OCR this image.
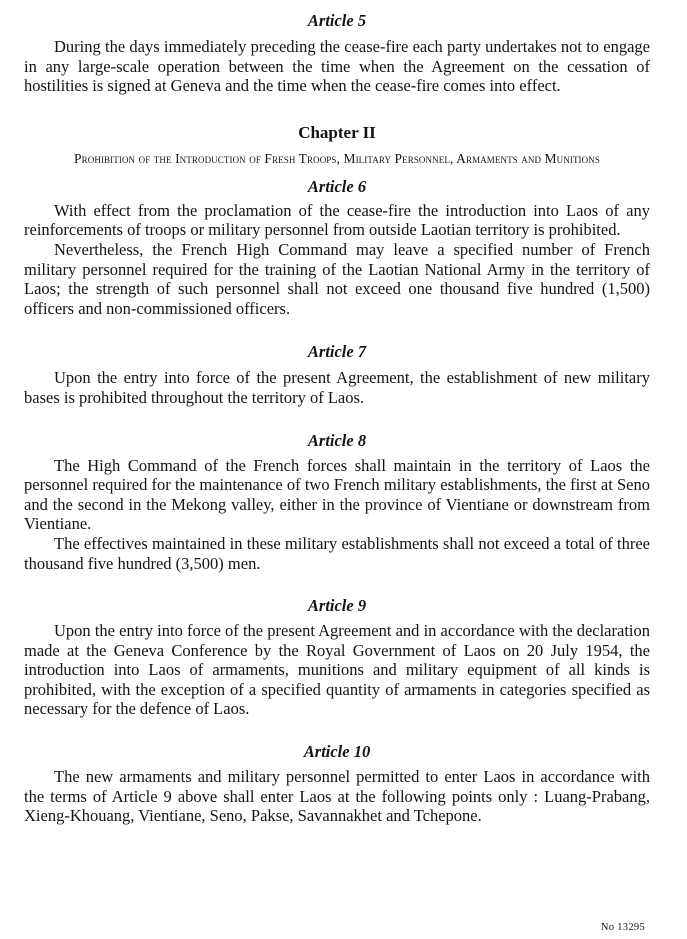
Article 5

During the days immediately preceding the cease-fire each party undertakes not to engage in any large-scale operation between the time when the Agreement on the cessation of hostilities is signed at Geneva and the time when the cease-fire comes into effect.

Chapter II

Prohibition of the Introduction of Fresh Troops, Military Personnel, Armaments and Munitions

Article 6

With effect from the proclamation of the cease-fire the introduction into Laos of any reinforcements of troops or military personnel from outside Laotian territory is prohibited.

Nevertheless, the French High Command may leave a specified number of French military personnel required for the training of the Laotian National Army in the territory of Laos; the strength of such personnel shall not exceed one thousand five hundred (1,500) officers and non-commissioned officers.

Article 7

Upon the entry into force of the present Agreement, the establishment of new military bases is prohibited throughout the territory of Laos.

Article 8

The High Command of the French forces shall maintain in the territory of Laos the personnel required for the maintenance of two French military establishments, the first at Seno and the second in the Mekong valley, either in the province of Vientiane or downstream from Vientiane.

The effectives maintained in these military establishments shall not exceed a total of three thousand five hundred (3,500) men.

Article 9

Upon the entry into force of the present Agreement and in accordance with the declaration made at the Geneva Conference by the Royal Government of Laos on 20 July 1954, the introduction into Laos of armaments, munitions and military equipment of all kinds is prohibited, with the exception of a specified quantity of armaments in categories specified as necessary for the defence of Laos.

Article 10

The new armaments and military personnel permitted to enter Laos in accordance with the terms of Article 9 above shall enter Laos at the following points only : Luang-Prabang, Xieng-Khouang, Vientiane, Seno, Pakse, Savannakhet and Tchepone.

No 13295
